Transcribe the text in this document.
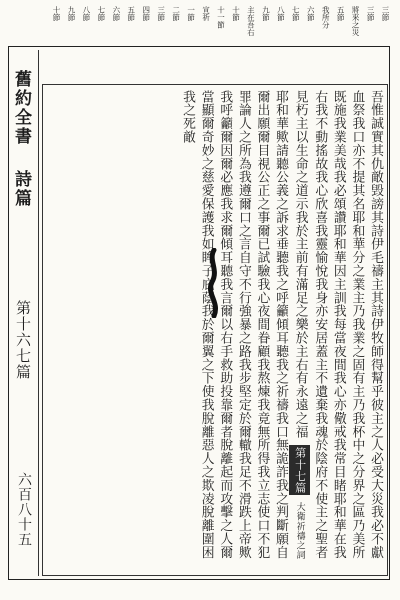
舊約全書
詩篇
第十六七篇
六百八十五
三節
三節
將來之災
五節
我所分
六節
七節
八節
九節
主在吾右
十節
十一節
宣祈
一節
二節
三節
四節
五節
六節
七節
八節
九節
十節
吾惟誠實其仇敵毁謗其詩伊毛禱主其詩伊牧師得幫乎彼主之人必受大災我必不獻血祭我口亦不提其名耶和華分之業主乃我業之固有主乃我杯中之分界之區乃美所既施我業美哉我必頌讚耶和華因主訓我每當夜間我心亦儆戒我常目睹耶和華在我右我不動搖故我心欣喜我靈愉悅我身亦安居蓋主不遺棄我魂於陰府不使主之聖者見朽主以生命之道示我於主前有滿足之樂於主右有永遠之福 第十七篇 大衛祈禱之詞 耶和華歟請聽公義之訴求垂聽我之呼籲傾耳聽我之祈禱我口無詭詐我之判斷願自爾出願爾目視公正之事爾已試驗我心夜間眷顧我熬煉我竟無所得我立志使口不犯罪論人之所為我遵爾口之言自守不行強暴之路我步堅定於爾轍我足不滑跌上帝歟我呼籲爾因爾必應我求爾傾耳聽我言爾以右手救助投靠爾者脫離起而攻擊之人爾當顯爾奇妙之慈愛保護我如眸子庇蔭我於爾翼之下使我脫離惡人之欺凌脫離圍困我之死敵
